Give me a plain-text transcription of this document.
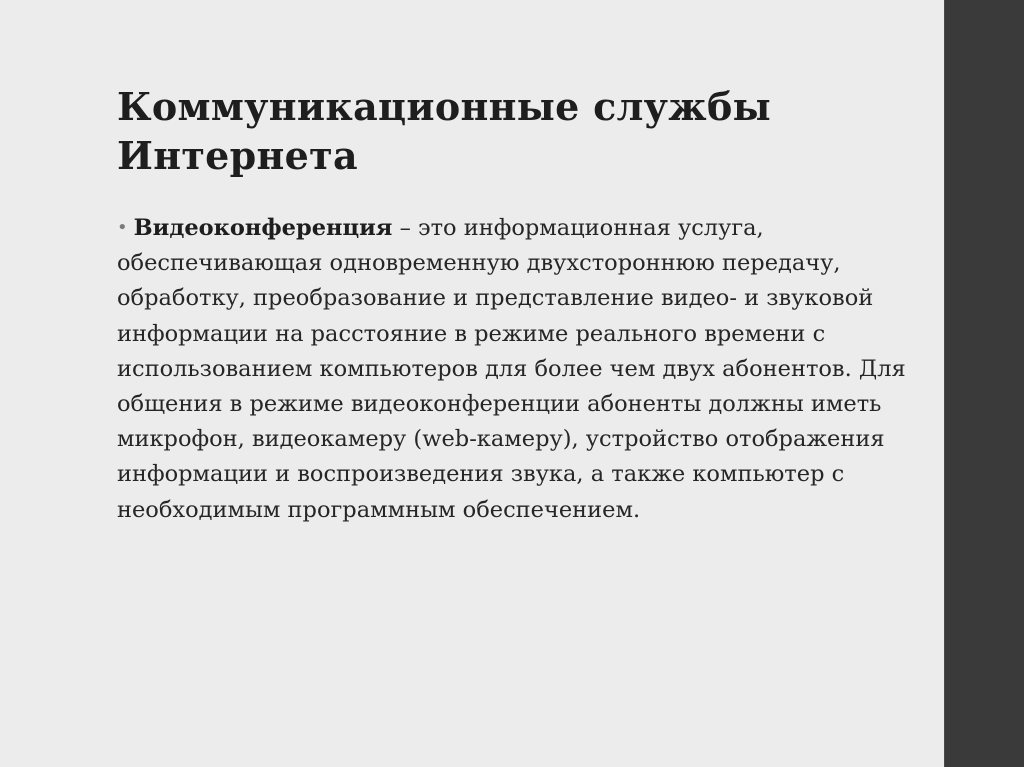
Коммуникационные службы Интернета

• Видеоконференция – это информационная услуга, обеспечивающая одновременную двухстороннюю передачу, обработку, преобразование и представление видео- и звуковой информации на расстояние в режиме реального времени с использованием компьютеров для более чем двух абонентов. Для общения в режиме видеоконференции абоненты должны иметь микрофон, видеокамеру (web-камеру), устройство отображения информации и воспроизведения звука, а также компьютер с необходимым программным обеспечением.
